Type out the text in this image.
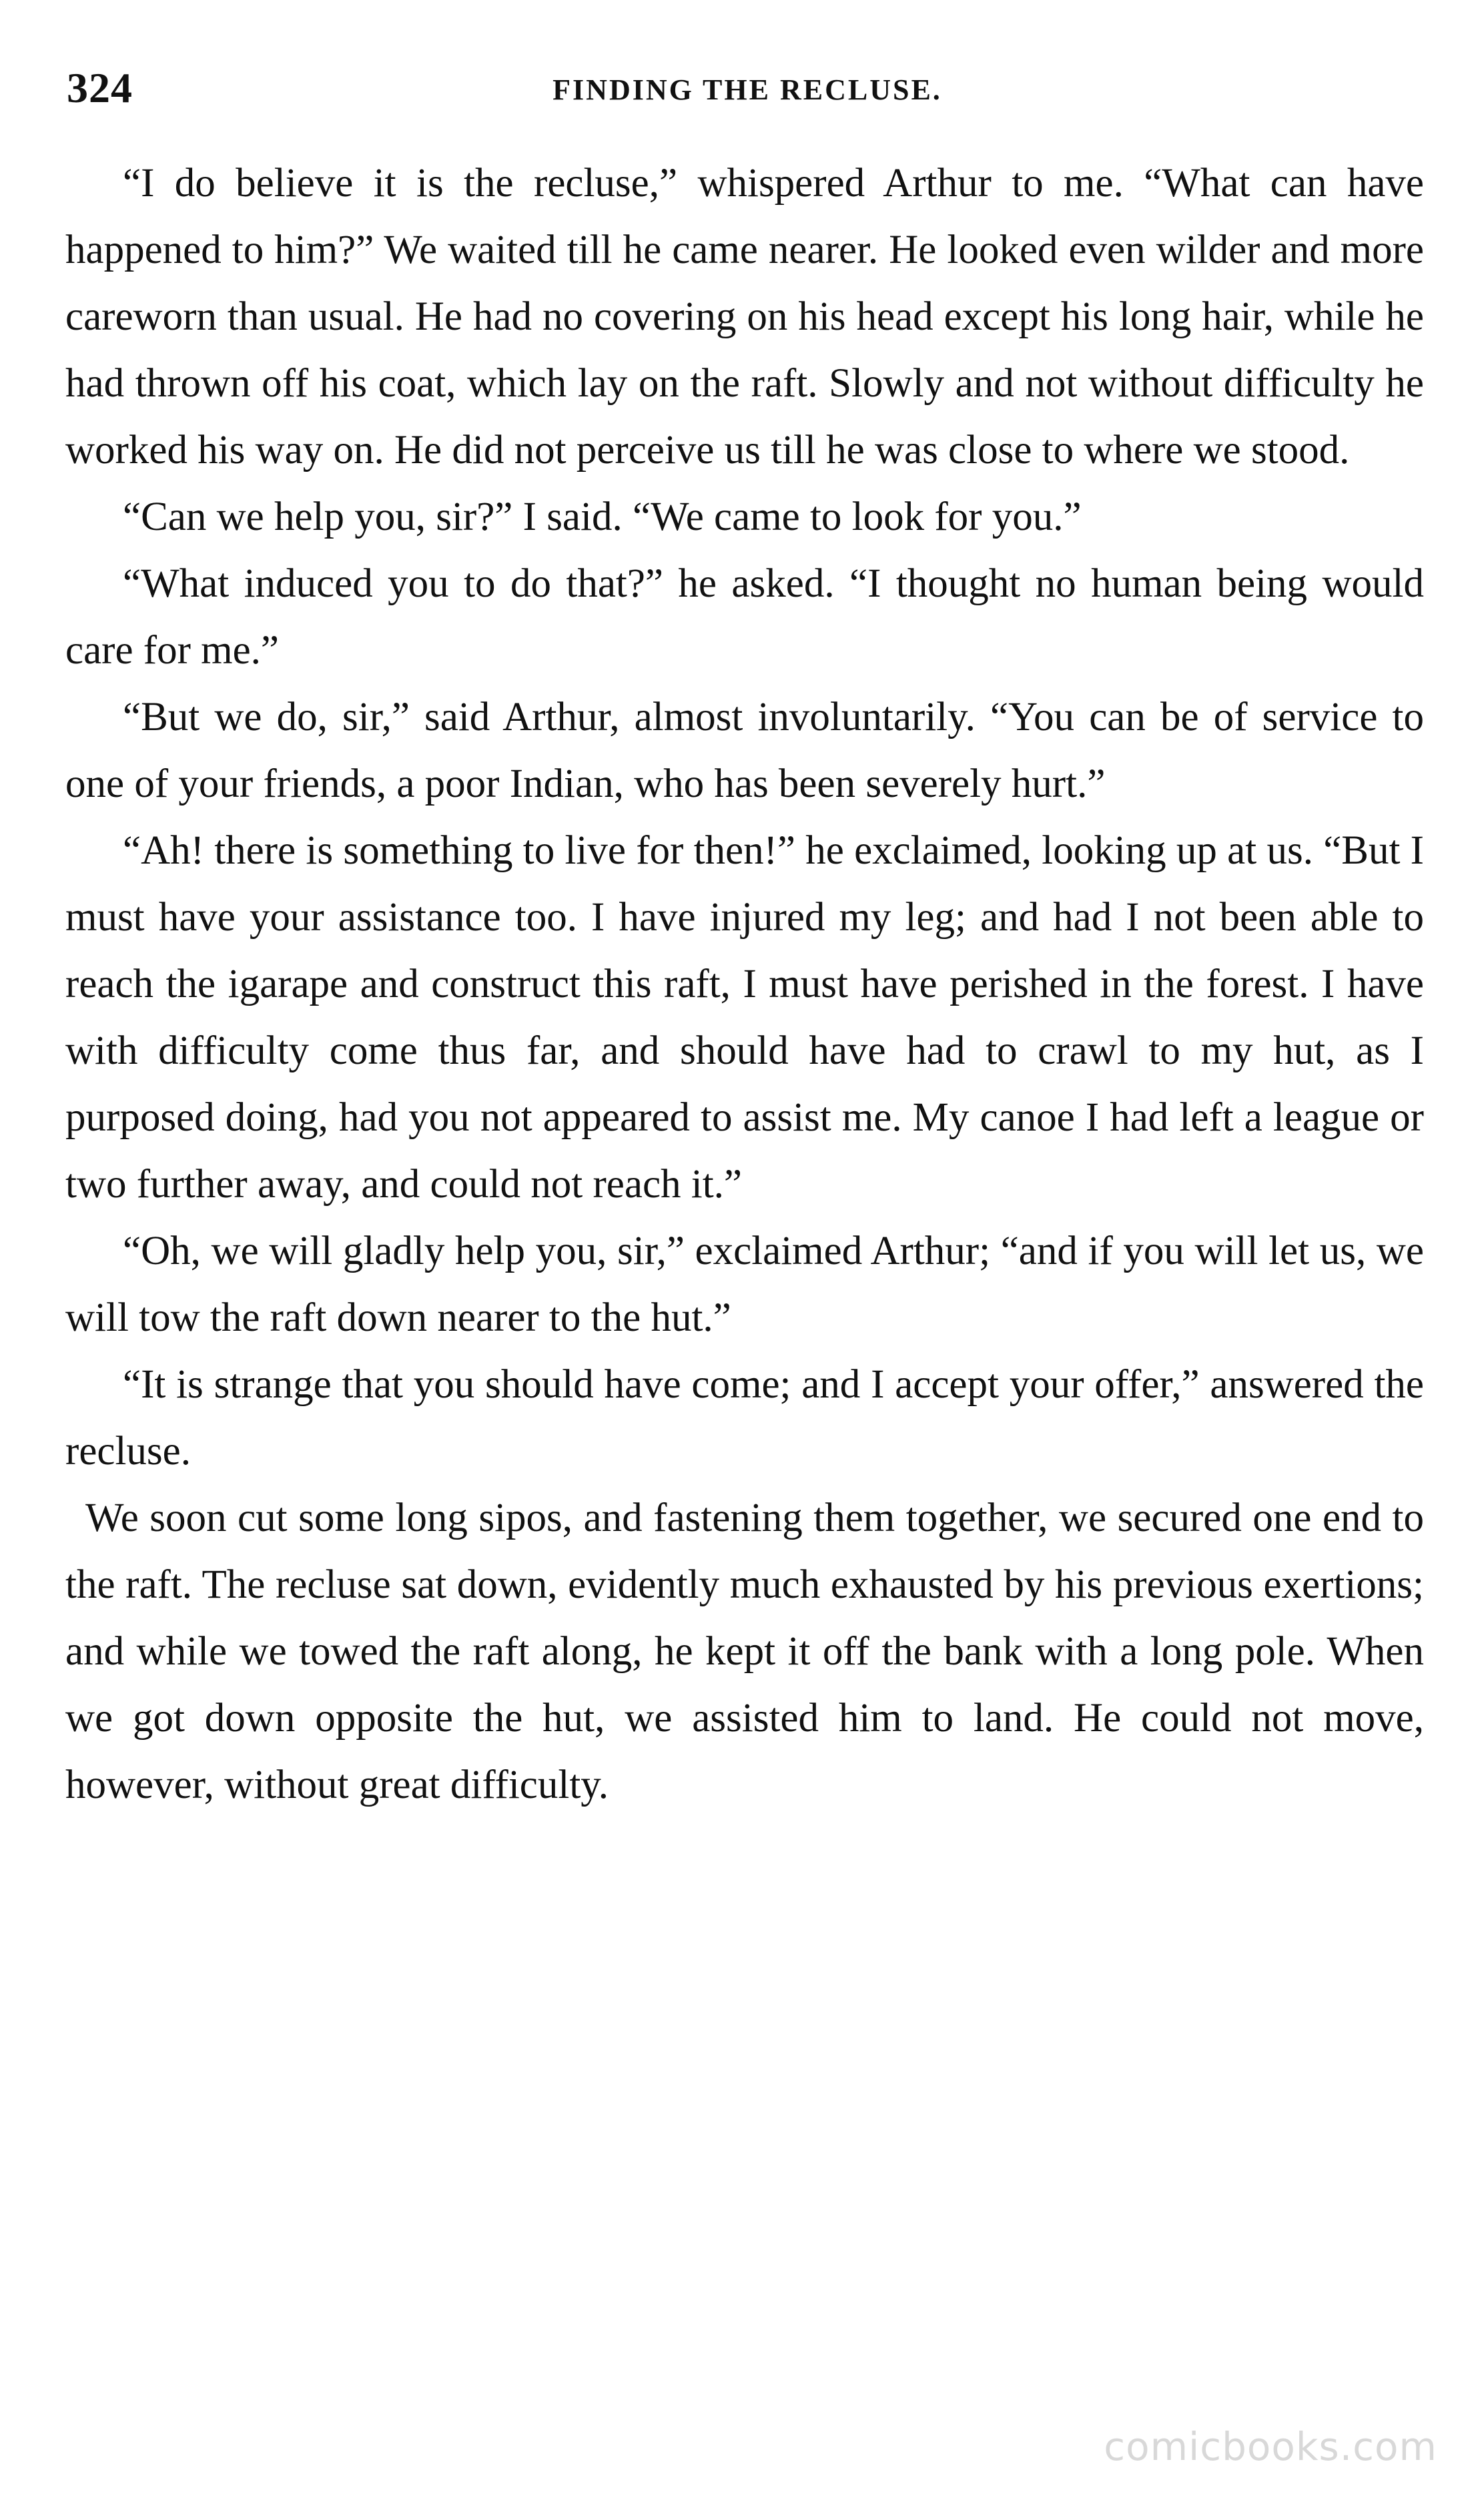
324	FINDING THE RECLUSE.

“I do believe it is the recluse,” whispered Arthur to me. “What can have happened to him?” We waited till he came nearer. He looked even wilder and more careworn than usual. He had no covering on his head except his long hair, while he had thrown off his coat, which lay on the raft. Slowly and not without difficulty he worked his way on. He did not perceive us till he was close to where we stood.

“Can we help you, sir?” I said. “We came to look for you.”

“What induced you to do that?” he asked. “I thought no human being would care for me.”

“But we do, sir,” said Arthur, almost involuntarily. “You can be of service to one of your friends, a poor Indian, who has been severely hurt.”

“Ah! there is something to live for then!” he exclaimed, looking up at us. “But I must have your assistance too. I have injured my leg; and had I not been able to reach the igarape and construct this raft, I must have perished in the forest. I have with difficulty come thus far, and should have had to crawl to my hut, as I purposed doing, had you not appeared to assist me. My canoe I had left a league or two further away, and could not reach it.”

“Oh, we will gladly help you, sir,” exclaimed Arthur; “and if you will let us, we will tow the raft down nearer to the hut.”

“It is strange that you should have come; and I accept your offer,” answered the recluse.

We soon cut some long sipos, and fastening them together, we secured one end to the raft. The recluse sat down, evidently much exhausted by his previous exertions; and while we towed the raft along, he kept it off the bank with a long pole. When we got down opposite the hut, we assisted him to land. He could not move, however, without great difficulty.

comicbooks.com
